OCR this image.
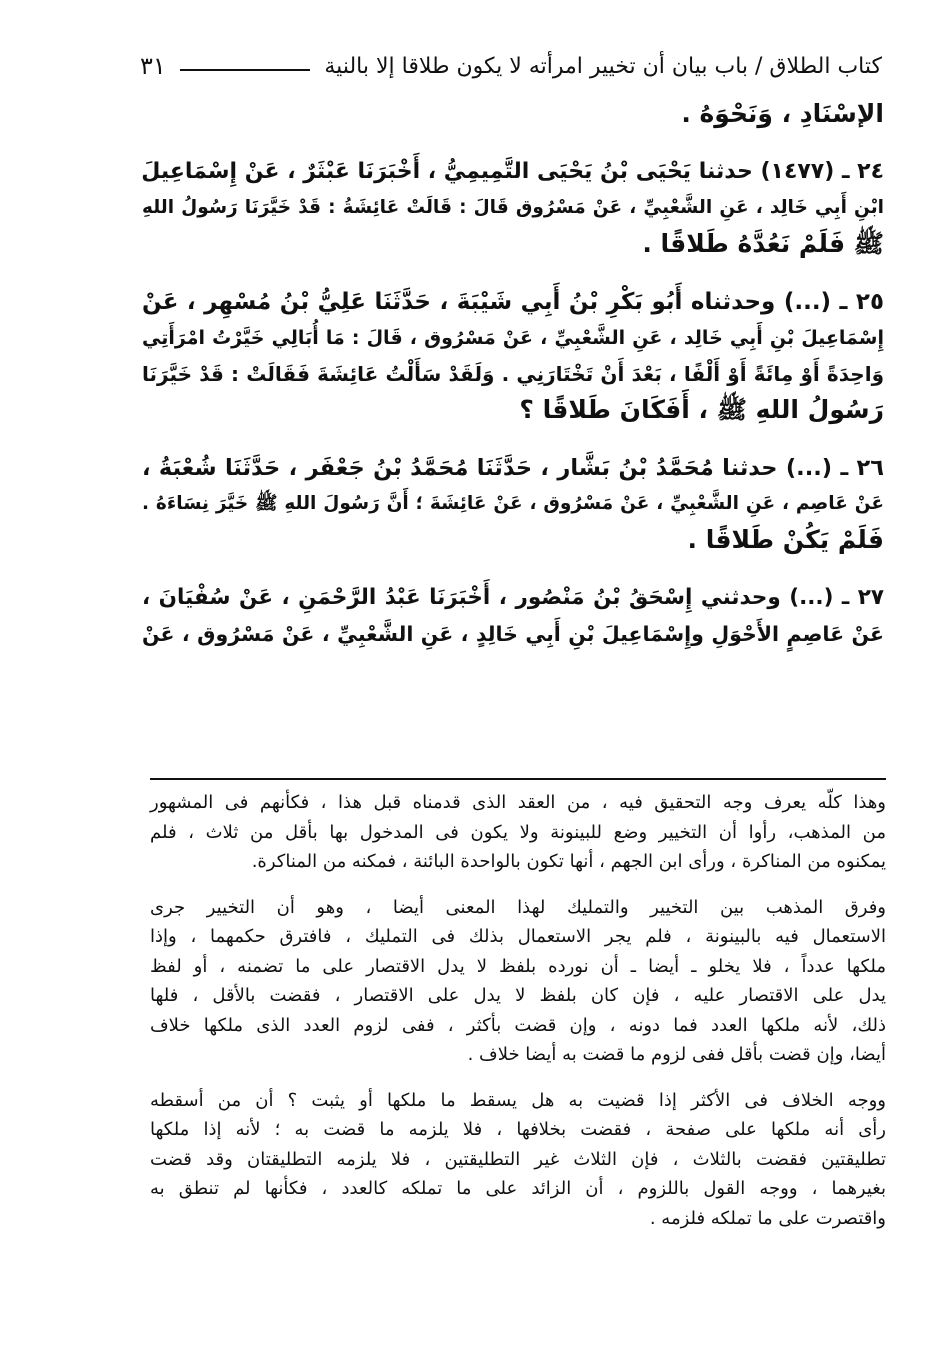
كتاب الطلاق / باب بيان أن تخيير امرأته لا يكون طلاقا إلا بالنية
٣١
الإسْنَادِ ، وَنَحْوَهُ .
٢٤ ـ (١٤٧٧) حدثنا يَحْيَى بْنُ يَحْيَى التَّمِيمِيُّ ، أَخْبَرَنَا عَبْثَرٌ ، عَنْ إِسْمَاعِيلَ
ابْنِ أَبِي خَالِد ، عَنِ الشَّعْبِيِّ ، عَنْ مَسْرُوق قَالَ : قَالَتْ عَائِشَةُ : قَدْ خَيَّرَنَا رَسُولُ اللهِ
ﷺ فَلَمْ نَعُدَّهُ طَلاقًا .
٢٥ ـ (...) وحدثناه أَبُو بَكْرِ بْنُ أَبِي شَيْبَةَ ، حَدَّثَنَا عَلِيُّ بْنُ مُسْهِر ، عَنْ
إِسْمَاعِيلَ بْنِ أَبِي خَالِد ، عَنِ الشَّعْبِيِّ ، عَنْ مَسْرُوق ، قَالَ : مَا أُبَالِي خَيَّرْتُ امْرَأَتِي
وَاحِدَةً أَوْ مِائَةً أَوْ أَلْفًا ، بَعْدَ أَنْ تَخْتَارَنِي . وَلَقَدْ سَأَلْتُ عَائِشَةَ فَقَالَتْ : قَدْ خَيَّرَنَا
رَسُولُ اللهِ ﷺ ، أَفَكَانَ طَلاقًا ؟
٢٦ ـ (...) حدثنا مُحَمَّدُ بْنُ بَشَّار ، حَدَّثَنَا مُحَمَّدُ بْنُ جَعْفَر ، حَدَّثَنَا شُعْبَةُ ،
عَنْ عَاصِم ، عَنِ الشَّعْبِيِّ ، عَنْ مَسْرُوق ، عَنْ عَائِشَةَ ؛ أَنَّ رَسُولَ اللهِ ﷺ خَيَّرَ نِسَاءَهُ .
فَلَمْ يَكُنْ طَلاقًا .
٢٧ ـ (...) وحدثني إِسْحَقُ بْنُ مَنْصُور ، أَخْبَرَنَا عَبْدُ الرَّحْمَنِ ، عَنْ سُفْيَانَ ،
عَنْ عَاصِمٍ الأَحْوَلِ وإِسْمَاعِيلَ بْنِ أَبِي خَالِدٍ ، عَنِ الشَّعْبِيِّ ، عَنْ مَسْرُوق ، عَنْ
وهذا كلّه يعرف وجه التحقيق فيه ، من العقد الذى قدمناه قبل هذا ، فكأنهم فى المشهور
من المذهب، رأوا أن التخيير وضع للبينونة ولا يكون فى المدخول بها بأقل من ثلاث ، فلم
يمكنوه من المناكرة ، ورأى ابن الجهم ، أنها تكون بالواحدة البائنة ، فمكنه من المناكرة.
وفرق المذهب بين التخيير والتمليك لهذا المعنى أيضا ، وهو أن التخيير جرى
الاستعمال فيه بالبينونة ، فلم يجر الاستعمال بذلك فى التمليك ، فافترق حكمهما ، وإذا
ملكها عدداً ، فلا يخلو ـ أيضا ـ أن نورده بلفظ لا يدل الاقتصار على ما تضمنه ، أو لفظ
يدل على الاقتصار عليه ، فإن كان بلفظ لا يدل على الاقتصار ، فقضت بالأقل ، فلها
ذلك، لأنه ملكها العدد فما دونه ، وإن قضت بأكثر ، ففى لزوم العدد الذى ملكها خلاف
أيضا، وإن قضت بأقل ففى لزوم ما قضت به أيضا خلاف .
ووجه الخلاف فى الأكثر إذا قضيت به هل يسقط ما ملكها أو يثبت ؟ أن من أسقطه
رأى أنه ملكها على صفحة ، فقضت بخلافها ، فلا يلزمه ما قضت به ؛ لأنه إذا ملكها
تطليقتين فقضت بالثلاث ، فإن الثلاث غير التطليقتين ، فلا يلزمه التطليقتان وقد قضت
بغيرهما ، ووجه القول باللزوم ، أن الزائد على ما تملكه كالعدد ، فكأنها لم تنطق به
واقتصرت على ما تملكه فلزمه .
